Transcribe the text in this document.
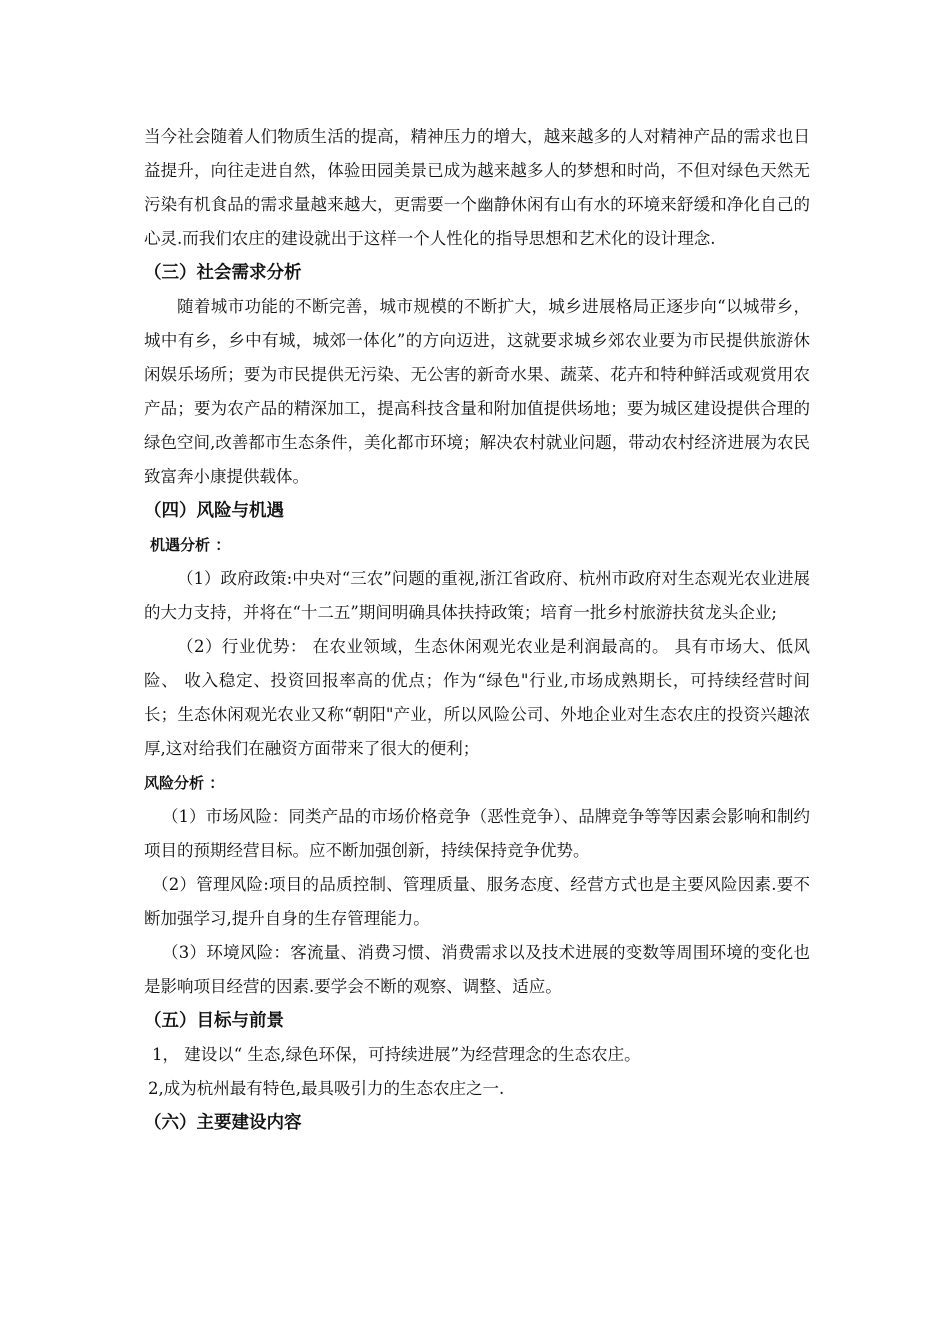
当今社会随着人们物质生活的提高，精神压力的增大，越来越多的人对精神产品的需求也日益提升，向往走进自然，体验田园美景已成为越来越多人的梦想和时尚，不但对绿色天然无污染有机食品的需求量越来越大，更需要一个幽静休闲有山有水的环境来舒缓和净化自己的心灵.而我们农庄的建设就出于这样一个人性化的指导思想和艺术化的设计理念.

（三）社会需求分析

随着城市功能的不断完善，城市规模的不断扩大，城乡进展格局正逐步向“以城带乡，城中有乡，乡中有城，城郊一体化”的方向迈进，这就要求城乡郊农业要为市民提供旅游休闲娱乐场所；要为市民提供无污染、无公害的新奇水果、蔬菜、花卉和特种鲜活或观赏用农产品；要为农产品的精深加工，提高科技含量和附加值提供场地；要为城区建设提供合理的绿色空间,改善都市生态条件，美化都市环境；解决农村就业问题，带动农村经济进展为农民致富奔小康提供载体。

（四）风险与机遇
机遇分析 ：

（1）政府政策:中央对“三农”问题的重视,浙江省政府、杭州市政府对生态观光农业进展的大力支持，并将在“十二五”期间明确具体扶持政策；培育一批乡村旅游扶贫龙头企业;

（2）行业优势： 在农业领域，生态休闲观光农业是利润最高的。 具有市场大、低风险、 收入稳定、投资回报率高的优点；作为“绿色"行业,市场成熟期长，可持续经营时间长；生态休闲观光农业又称“朝阳"产业，所以风险公司、外地企业对生态农庄的投资兴趣浓 厚,这对给我们在融资方面带来了很大的便利；

风险分析 ：

（1）市场风险：同类产品的市场价格竞争（恶性竞争）、品牌竞争等等因素会影响和制约项目的预期经营目标。应不断加强创新，持续保持竞争优势。

（2）管理风险:项目的品质控制、管理质量、服务态度、经营方式也是主要风险因素.要不断加强学习,提升自身的生存管理能力。

（3）环境风险：客流量、消费习惯、消费需求以及技术进展的变数等周围环境的变化也是影响项目经营的因素.要学会不断的观察、调整、适应。

（五）目标与前景

1， 建设以“ 生态,绿色环保，可持续进展”为经营理念的生态农庄。

2,成为杭州最有特色,最具吸引力的生态农庄之一.

（六）主要建设内容
